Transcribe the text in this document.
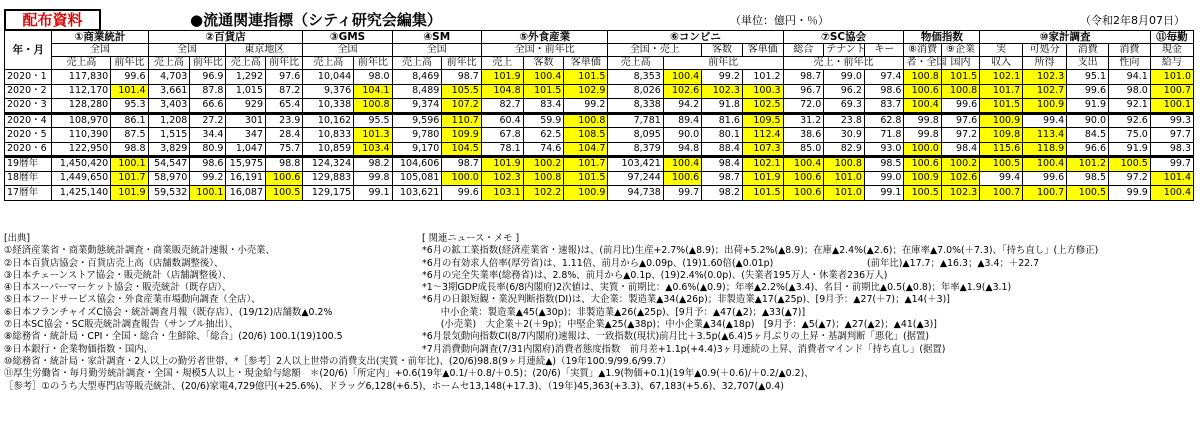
配布資料	●流通関連指標（シティ研究会編集）	（単位：億円・％）	（令和2年8月07日）
年・月	①商業統計		②百貨店				③GMS		④SM		⑤外食産業			⑥コンビニ				⑦SC協会			物価指数		⑩家計調査				⑪毎勤
	全国		全国		東京地区		全国		全国		全国・前年比			全国・売上		客数	客単価	総合	テナント	キー	⑧消費	⑨企業	実	可処分	消費	消費	現金
	売上高	前年比	売上高	前年比	売上高	前年比	売上高	前年比	売上高	前年比	売上	客数	客単価	売上高	前年比			売上・前年比			者・全国	国内	収入	所得	支出	性向	給与
2020・1	117,830	99.6	4,703	96.9	1,292	97.6	10,044	98.0	8,469	98.7	101.9	100.4	101.5	8,353	100.4	99.2	101.2	98.7	99.0	97.4	100.8	101.5	102.1	102.3	95.1	94.1	101.0
2020・2	112,170	101.4	3,661	87.8	1,015	87.2	9,376	104.1	8,489	105.5	104.8	101.5	102.9	8,026	102.6	102.3	100.3	96.7	96.2	98.6	100.6	100.8	101.7	102.7	99.6	98.0	100.7
2020・3	128,280	95.3	3,403	66.6	929	65.4	10,338	100.8	9,374	107.2	82.7	83.4	99.2	8,338	94.2	91.8	102.5	72.0	69.3	83.7	100.4	99.6	101.5	100.9	91.9	92.1	100.1
2020・4	108,970	86.1	1,208	27.2	301	23.9	10,162	95.5	9,596	110.7	60.4	59.9	100.8	7,781	89.4	81.6	109.5	31.2	23.8	62.8	99.8	97.6	100.9	99.4	90.0	92.6	99.3
2020・5	110,390	87.5	1,515	34.4	347	28.4	10,833	101.3	9,780	109.9	67.8	62.5	108.5	8,095	90.0	80.1	112.4	38.6	30.9	71.8	99.8	97.2	109.8	113.4	84.5	75.0	97.7
2020・6	122,950	98.8	3,829	80.9	1,047	75.7	10,859	103.4	9,170	104.5	78.1	74.6	104.7	8,379	94.8	88.4	107.3	85.0	82.9	93.0	100.0	98.4	115.6	118.9	96.6	91.9	98.3
19暦年	1,450,420	100.1	54,547	98.6	15,975	98.8	124,324	98.2	104,606	98.7	101.9	100.2	101.7	103,421	100.4	98.4	102.1	100.4	100.8	98.5	100.6	100.2	100.5	100.4	101.2	100.5	99.7
18暦年	1,449,650	101.7	58,970	99.2	16,191	100.6	129,883	99.8	105,081	100.0	102.3	100.8	101.5	97,244	100.6	98.7	101.9	100.6	101.0	99.0	100.9	102.6	99.4	99.6	98.5	97.2	101.4
17暦年	1,425,140	101.9	59,532	100.1	16,087	100.5	129,175	99.1	103,621	99.6	103.1	102.2	100.9	94,738	99.7	98.2	101.5	100.6	101.0	99.1	100.5	102.3	100.7	100.7	100.5	99.9	100.4
[出典]
①経済産業省・商業動態統計調査・商業販売統計速報・小売業、
②日本百貨店協会・百貨店売上高（店舗数調整後）、
③日本チェーンストア協会・販売統計（店舗調整後）、
④日本スーパーマーケット協会・販売統計（既存店）、
⑤日本フードサービス協会・外食産業市場動向調査（全店）、
⑥日本フランチャイズC協会・統計調査月報（既存店）、(19/12)店舗数▲0.2%
⑦日本SC協会・SC販売統計調査報告（サンプル抽出）、
⑧総務省・統計局・CPI・全国・総合・生鮮除、「総合」(20/6) 100.1(19)100.5
⑨日本銀行・企業物価指数・国内、
⑩総務省・統計局・家計調査・2人以上の勤労者世帯、*［参考］2人以上世帯の消費支出(実質・前年比)、(20/6)98.8(9ヶ月連続▲)（19年100.9/99.6/99.7）
⑪厚生労働省・毎月勤労統計調査・全国・規模5人以上・現金給与総額　＊(20/6)「所定内」+0.6(19年▲0.1/＋0.8/＋0.5)；(20/6)「実質」▲1.9(物価+0.1)(19年▲0.9(＋0.6)/＋0.2/▲0.2)、
［参考］①のうち大型専門店等販売統計、(20/6)家電4,729億円(+25.6%)、ドラッグ6,128(+6.5)、ホームセ13,148(+17.3)、（19年)45,363(+3.3)、67,183(+5.6)、32,707(▲0.4)
[ 関連ニュース・メモ ]
*6月の鉱工業指数(経済産業省・速報)は、(前月比)生産+2.7%(▲8.9)；出荷+5.2%(▲8.9)；在庫▲2.4%(▲2.6)；在庫率▲7.0%(＋7.3)、「持ち直し」(上方修正)
*6月の有効求人倍率(厚労省)は、1.11倍、前月から▲0.09p、(19)1.60倍(▲0.01p)　　　　　　　　　　(前年比)▲17.7；▲16.3；▲3.4；＋22.7
*6月の完全失業率(総務省)は、2.8%、前月から▲0.1p、(19)2.4%(0.0p)、(失業者195万人・休業者236万人)
*1～3期GDP成長率(6/8内閣府)2次値は、実質・前期比：▲0.6%(▲0.9)；年率▲2.2%(▲3.4)、名目・前期比▲0.5(▲0.8)；年率▲1.9(▲3.1)
*6月の日銀短観・業況判断指数(DI)は、大企業：製造業▲34(▲26p)；非製造業▲17(▲25p)、[9月予：▲27(＋7)；▲14(＋3)]
　　中小企業：製造業▲45(▲30p)；非製造業▲26(▲25p)、[9月予：▲47(▲2)；▲33(▲7)]
　　(小売業)　大企業＋2(＋9p)；中堅企業▲25(▲38p)；中小企業▲34(▲18p)　[9月予：▲5(▲7)；▲27(▲2)；▲41(▲3)]
*6月景気動向指数CI(8/7内閣府)速報は、一致指数(現状)前月比＋3.5p(▲6.4)5ヶ月ぶりの上昇・基調判断「悪化」(据置)
*7月消費動向調査(7/31内閣府)消費者態度指数　前月差+1.1p(+4.4)3ヶ月連続の上昇、消費者マインド「持ち直し」(据置)
